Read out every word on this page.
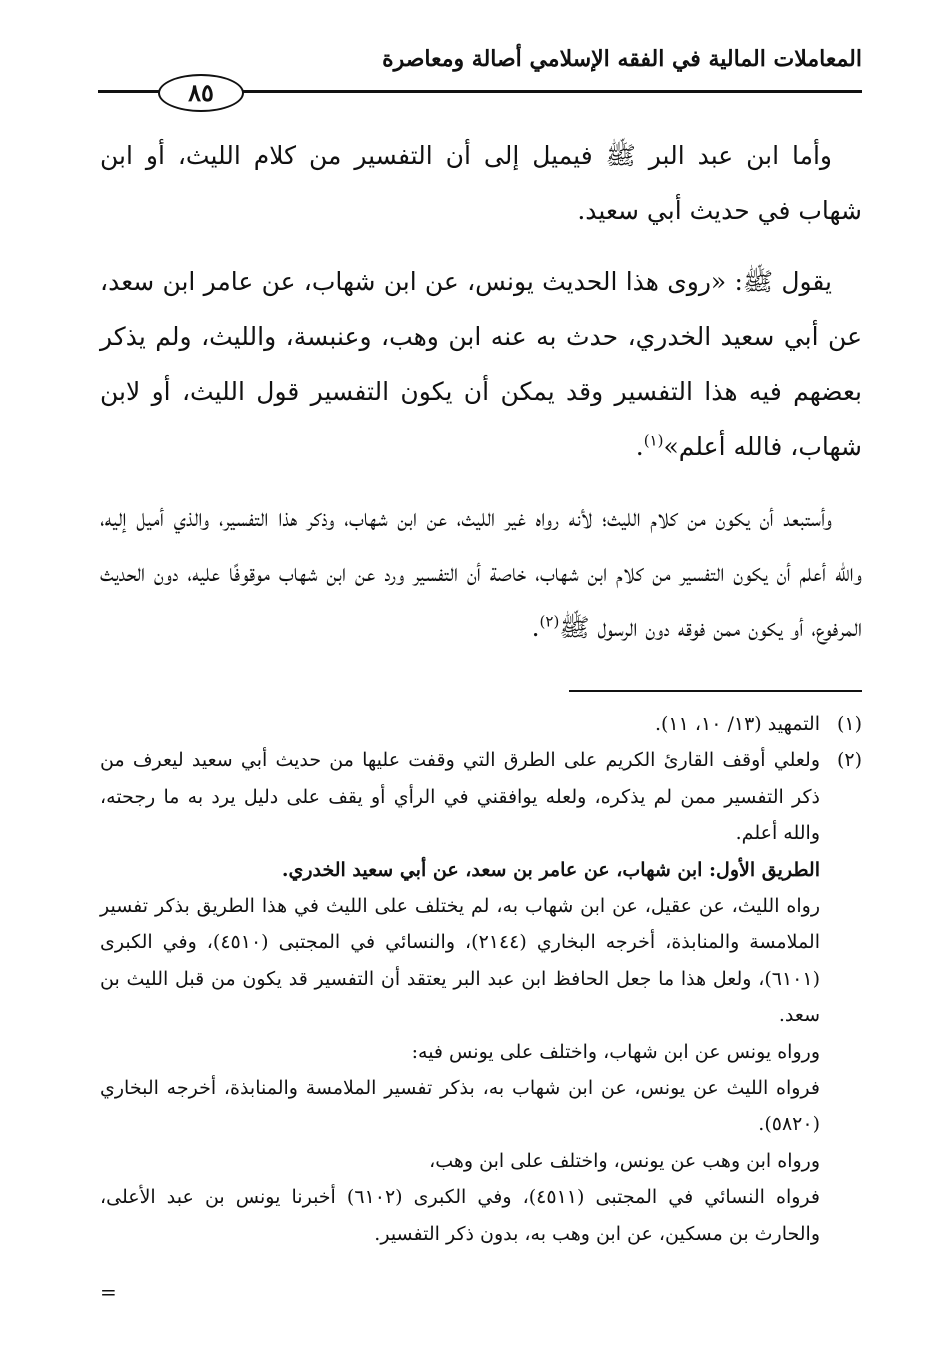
المعاملات المالية في الفقه الإسلامي أصالة ومعاصرة
٨٥

وأما ابن عبد البر ﷺ فيميل إلى أن التفسير من كلام الليث، أو ابن شهاب في حديث أبي سعيد.

يقول ﷺ: «روى هذا الحديث يونس، عن ابن شهاب، عن عامر ابن سعد، عن أبي سعيد الخدري، حدث به عنه ابن وهب، وعنبسة، والليث، ولم يذكر بعضهم فيه هذا التفسير وقد يمكن أن يكون التفسير قول الليث، أو لابن شهاب، فالله أعلم»$^{(١)}$.

وأستبعد أن يكون من كلام الليث؛ لأنه رواه غير الليث، عن ابن شهاب، وذكر هذا التفسير، والذي أميل إليه، والله أعلم أن يكون التفسير من كلام ابن شهاب، خاصة أن التفسير ورد عن ابن شهاب موقوفًا عليه، دون الحديث المرفوع، أو يكون ممن فوقه دون الرسول ﷺ$^{(٢)}$.

(١)
التمهيد (١٣/ ١٠، ١١).
(٢)
ولعلي أوقف القارئ الكريم على الطرق التي وقفت عليها من حديث أبي سعيد ليعرف من ذكر التفسير ممن لم يذكره، ولعله يوافقني في الرأي أو يقف على دليل يرد به ما رجحته، والله أعلم.
الطريق الأول: ابن شهاب، عن عامر بن سعد، عن أبي سعيد الخدري.
رواه الليث، عن عقيل، عن ابن شهاب به، لم يختلف على الليث في هذا الطريق بذكر تفسير الملامسة والمنابذة، أخرجه البخاري (٢١٤٤)، والنسائي في المجتبى (٤٥١٠)، وفي الكبرى (٦١٠١)، ولعل هذا ما جعل الحافظ ابن عبد البر يعتقد أن التفسير قد يكون من قبل الليث بن سعد.
ورواه يونس عن ابن شهاب، واختلف على يونس فيه:
فرواه الليث عن يونس، عن ابن شهاب به، بذكر تفسير الملامسة والمنابذة، أخرجه البخاري (٥٨٢٠).
ورواه ابن وهب عن يونس، واختلف على ابن وهب،
فرواه النسائي في المجتبى (٤٥١١)، وفي الكبرى (٦١٠٢) أخبرنا يونس بن عبد الأعلى، والحارث بن مسكين، عن ابن وهب به، بدون ذكر التفسير.
=
